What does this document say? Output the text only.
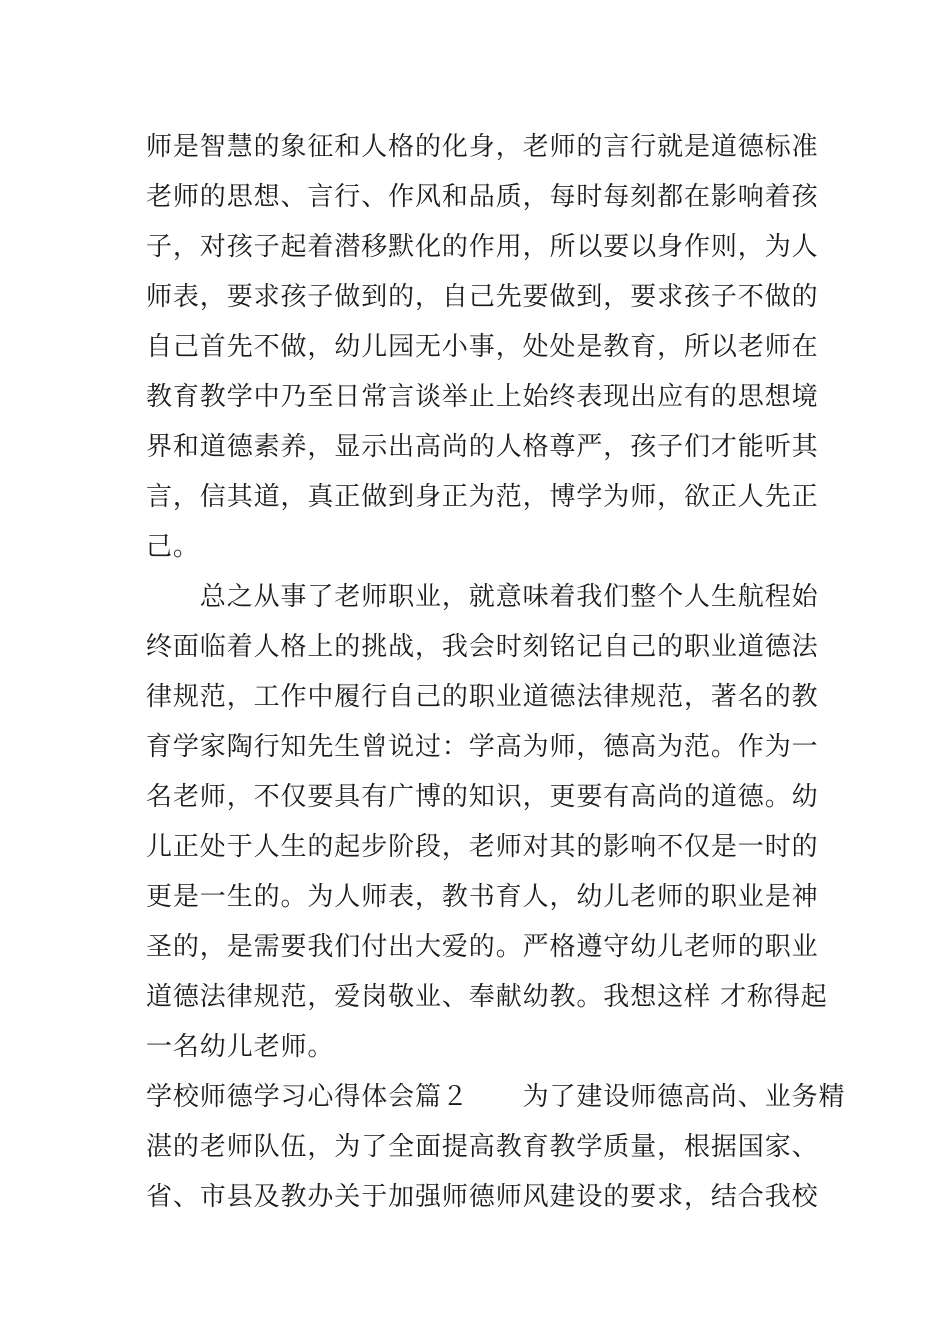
师是智慧的象征和人格的化身，老师的言行就是道德标准
老师的思想、言行、作风和品质，每时每刻都在影响着孩
子，对孩子起着潜移默化的作用，所以要以身作则，为人
师表，要求孩子做到的，自己先要做到，要求孩子不做的
自己首先不做，幼儿园无小事，处处是教育，所以老师在
教育教学中乃至日常言谈举止上始终表现出应有的思想境
界和道德素养，显示出高尚的人格尊严，孩子们才能听其
言，信其道，真正做到身正为范，博学为师，欲正人先正
己。
　　总之从事了老师职业，就意味着我们整个人生航程始
终面临着人格上的挑战，我会时刻铭记自己的职业道德法
律规范，工作中履行自己的职业道德法律规范，著名的教
育学家陶行知先生曾说过：学高为师，德高为范。作为一
名老师，不仅要具有广博的知识，更要有高尚的道德。幼
儿正处于人生的起步阶段，老师对其的影响不仅是一时的
更是一生的。为人师表，教书育人，幼儿老师的职业是神
圣的，是需要我们付出大爱的。严格遵守幼儿老师的职业
道德法律规范，爱岗敬业、奉献幼教。我想这样 才称得起
一名幼儿老师。
学校师德学习心得体会篇２　　为了建设师德高尚、业务精
湛的老师队伍，为了全面提高教育教学质量，根据国家、
省、市县及教办关于加强师德师风建设的要求，结合我校
